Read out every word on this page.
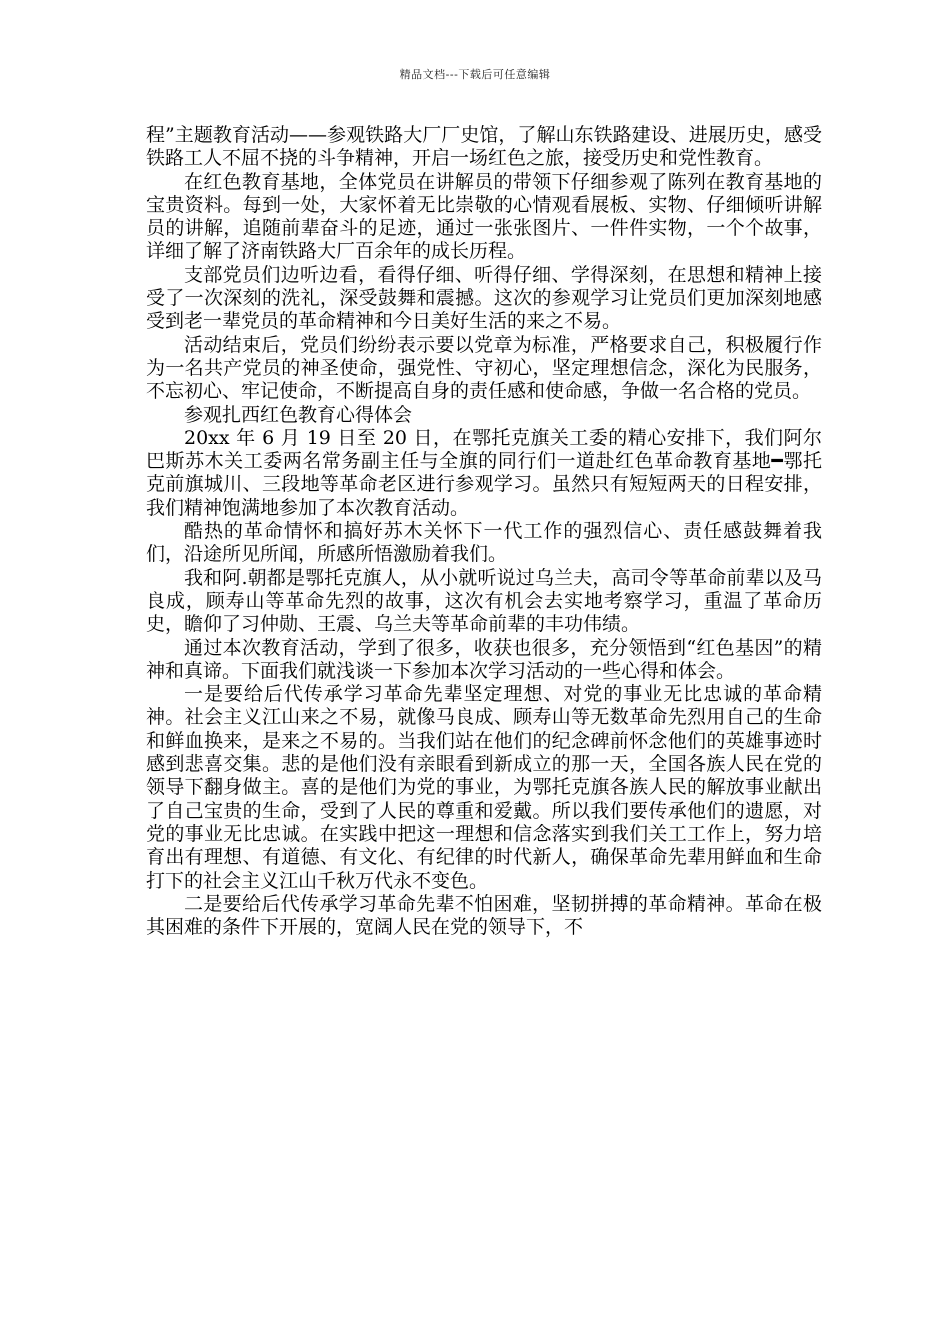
精品文档---下载后可任意编辑

程”主题教育活动——参观铁路大厂厂史馆，了解山东铁路建设、进展历史，感受铁路工人不屈不挠的斗争精神，开启一场红色之旅，接受历史和党性教育。

在红色教育基地，全体党员在讲解员的带领下仔细参观了陈列在教育基地的宝贵资料。每到一处，大家怀着无比崇敬的心情观看展板、实物、仔细倾听讲解员的讲解，追随前辈奋斗的足迹，通过一张张图片、一件件实物，一个个故事，详细了解了济南铁路大厂百余年的成长历程。

支部党员们边听边看，看得仔细、听得仔细、学得深刻，在思想和精神上接受了一次深刻的洗礼，深受鼓舞和震撼。这次的参观学习让党员们更加深刻地感受到老一辈党员的革命精神和今日美好生活的来之不易。

活动结束后，党员们纷纷表示要以党章为标准，严格要求自己，积极履行作为一名共产党员的神圣使命，强党性、守初心，坚定理想信念，深化为民服务，不忘初心、牢记使命，不断提高自身的责任感和使命感，争做一名合格的党员。

参观扎西红色教育心得体会

20xx 年 6 月 19 日至 20 日，在鄂托克旗关工委的精心安排下，我们阿尔巴斯苏木关工委两名常务副主任与全旗的同行们一道赴红色革命教育基地━鄂托克前旗城川、三段地等革命老区进行参观学习。虽然只有短短两天的日程安排，我们精神饱满地参加了本次教育活动。

酷热的革命情怀和搞好苏木关怀下一代工作的强烈信心、责任感鼓舞着我们，沿途所见所闻，所感所悟激励着我们。

我和阿.朝都是鄂托克旗人，从小就听说过乌兰夫，高司令等革命前辈以及马良成，顾寿山等革命先烈的故事，这次有机会去实地考察学习，重温了革命历史，瞻仰了习仲勋、王震、乌兰夫等革命前辈的丰功伟绩。

通过本次教育活动，学到了很多，收获也很多，充分领悟到“红色基因”的精神和真谛。下面我们就浅谈一下参加本次学习活动的一些心得和体会。

一是要给后代传承学习革命先辈坚定理想、对党的事业无比忠诚的革命精神。社会主义江山来之不易，就像马良成、顾寿山等无数革命先烈用自己的生命和鲜血换来，是来之不易的。当我们站在他们的纪念碑前怀念他们的英雄事迹时感到悲喜交集。悲的是他们没有亲眼看到新成立的那一天，全国各族人民在党的领导下翻身做主。喜的是他们为党的事业，为鄂托克旗各族人民的解放事业献出了自己宝贵的生命，受到了人民的尊重和爱戴。所以我们要传承他们的遗愿，对党的事业无比忠诚。在实践中把这一理想和信念落实到我们关工工作上，努力培育出有理想、有道德、有文化、有纪律的时代新人，确保革命先辈用鲜血和生命打下的社会主义江山千秋万代永不变色。

二是要给后代传承学习革命先辈不怕困难，坚韧拼搏的革命精神。革命在极其困难的条件下开展的，宽阔人民在党的领导下，不
